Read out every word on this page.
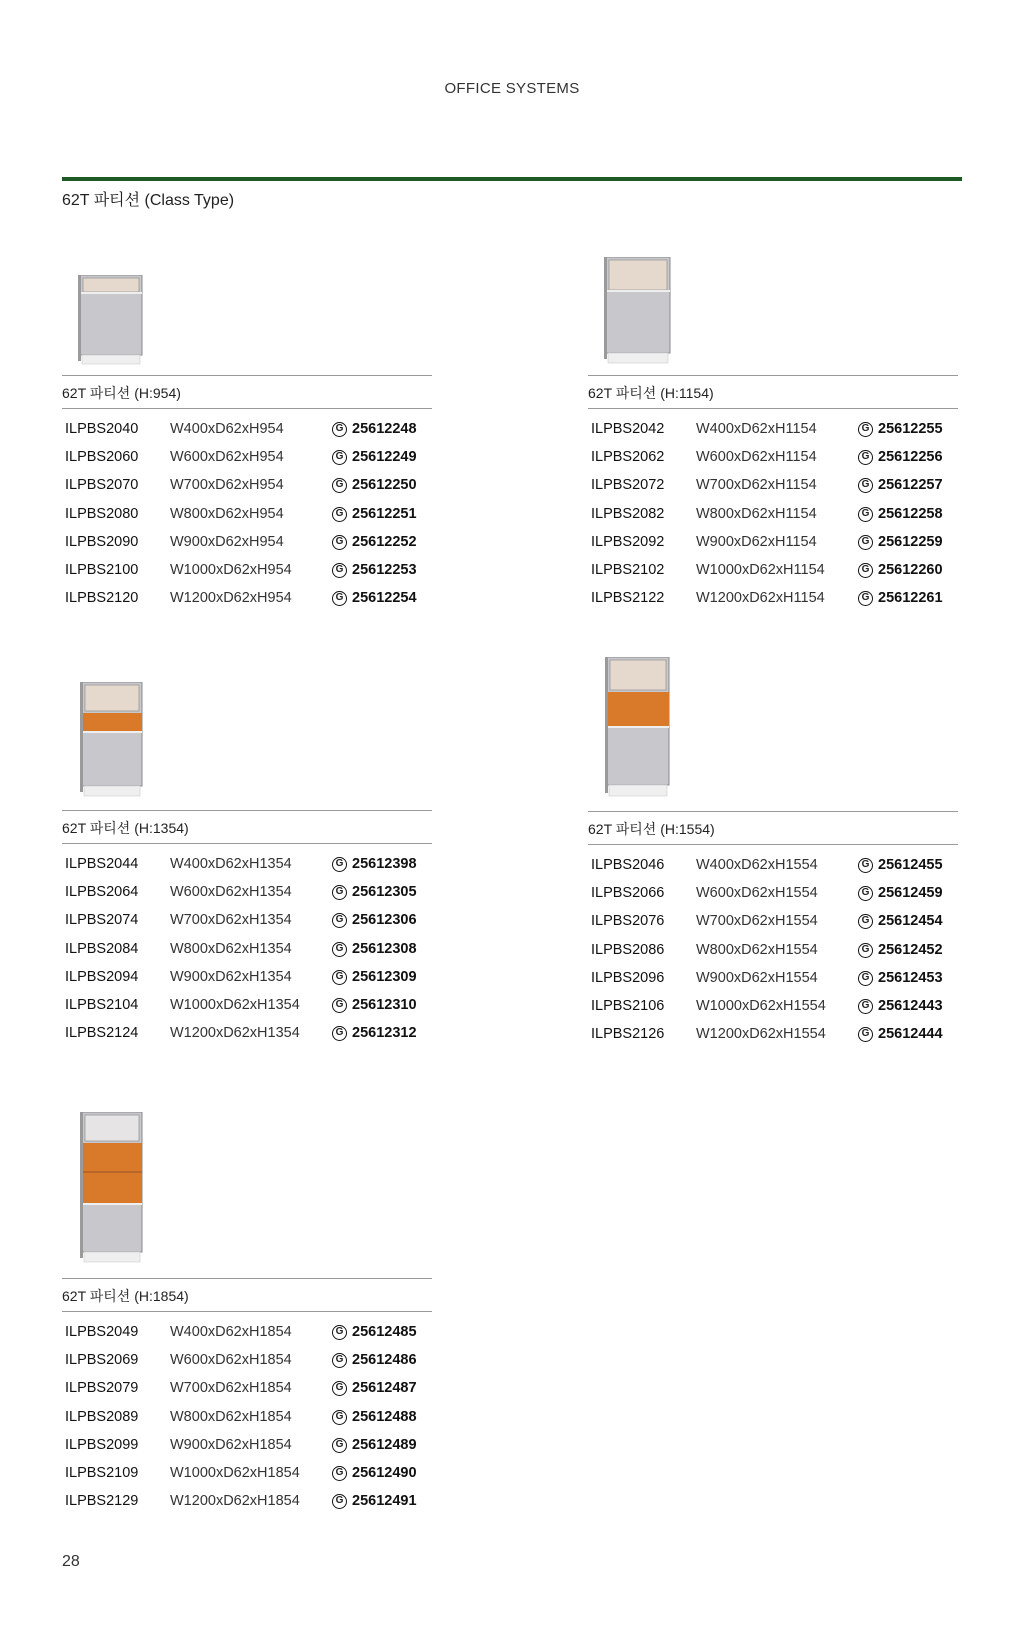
OFFICE SYSTEMS
62T 파티션 (Class Type)
62T 파티션 (H:954)
ILPBS2040 W400xD62xH954	G 25612248
ILPBS2060 W600xD62xH954	G 25612249
ILPBS2070 W700xD62xH954	G 25612250
ILPBS2080 W800xD62xH954	G 25612251
ILPBS2090 W900xD62xH954	G 25612252
ILPBS2100 W1000xD62xH954	G 25612253
ILPBS2120 W1200xD62xH954	G 25612254
62T 파티션 (H:1154)
ILPBS2042 W400xD62xH1154	G 25612255
ILPBS2062 W600xD62xH1154	G 25612256
ILPBS2072 W700xD62xH1154	G 25612257
ILPBS2082 W800xD62xH1154	G 25612258
ILPBS2092 W900xD62xH1154	G 25612259
ILPBS2102 W1000xD62xH1154	G 25612260
ILPBS2122 W1200xD62xH1154	G 25612261
62T 파티션 (H:1354)
ILPBS2044 W400xD62xH1354	G 25612398
ILPBS2064 W600xD62xH1354	G 25612305
ILPBS2074 W700xD62xH1354	G 25612306
ILPBS2084 W800xD62xH1354	G 25612308
ILPBS2094 W900xD62xH1354	G 25612309
ILPBS2104 W1000xD62xH1354	G 25612310
ILPBS2124 W1200xD62xH1354	G 25612312
62T 파티션 (H:1554)
ILPBS2046 W400xD62xH1554	G 25612455
ILPBS2066 W600xD62xH1554	G 25612459
ILPBS2076 W700xD62xH1554	G 25612454
ILPBS2086 W800xD62xH1554	G 25612452
ILPBS2096 W900xD62xH1554	G 25612453
ILPBS2106 W1000xD62xH1554	G 25612443
ILPBS2126 W1200xD62xH1554	G 25612444
62T 파티션 (H:1854)
ILPBS2049 W400xD62xH1854	G 25612485
ILPBS2069 W600xD62xH1854	G 25612486
ILPBS2079 W700xD62xH1854	G 25612487
ILPBS2089 W800xD62xH1854	G 25612488
ILPBS2099 W900xD62xH1854	G 25612489
ILPBS2109 W1000xD62xH1854	G 25612490
ILPBS2129 W1200xD62xH1854	G 25612491
28
